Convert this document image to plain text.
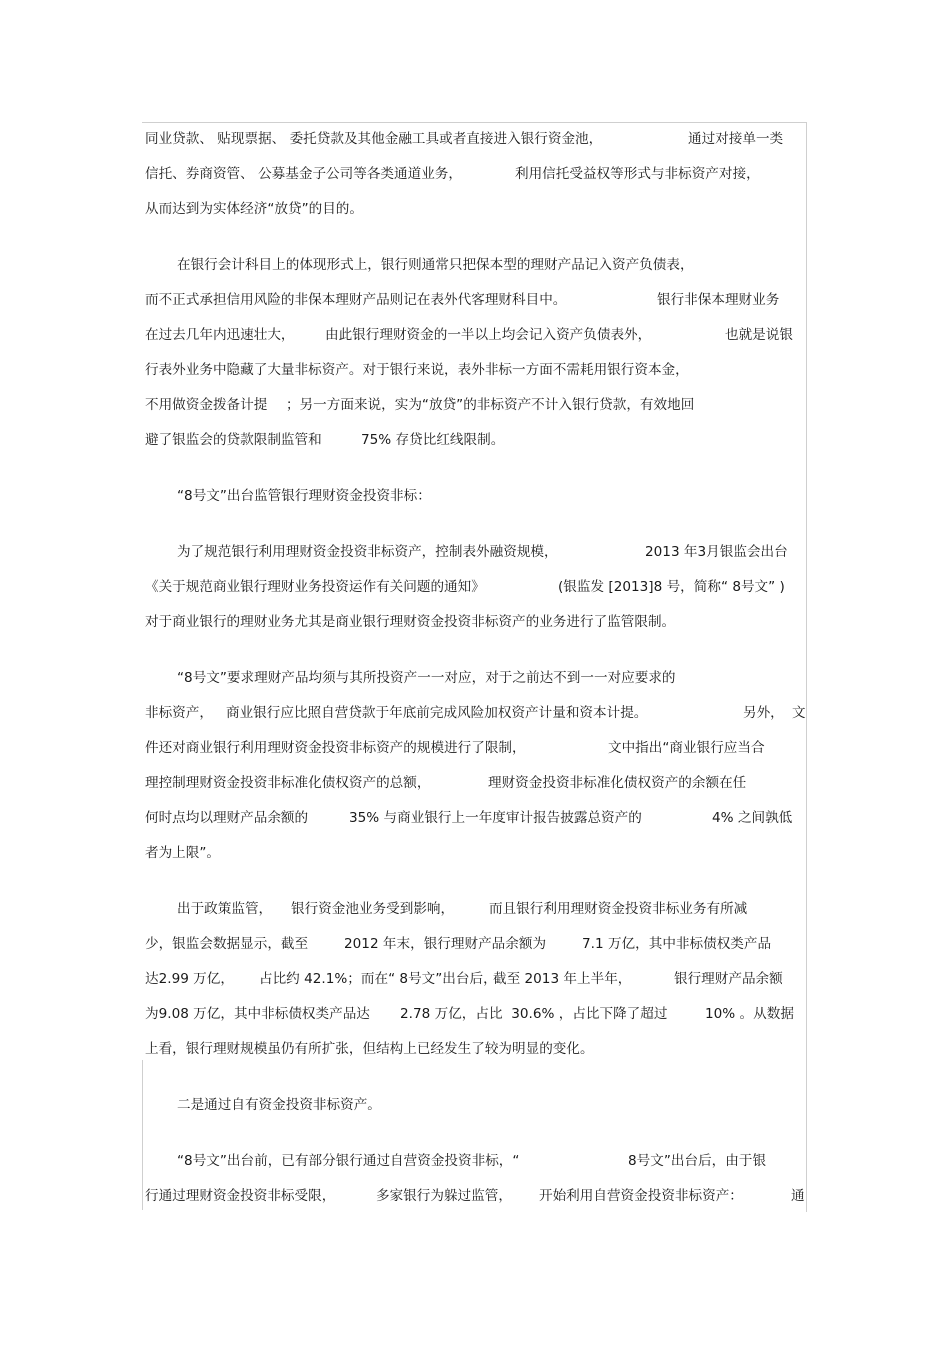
同业贷款、 贴现票据、 委托贷款及其他金融工具或者直接进入银行资金池，	通过对接单一类
信托、券商资管、 公募基金子公司等各类通道业务，	利用信托受益权等形式与非标资产对接，
从而达到为实体经济“放贷”的目的。
在银行会计科目上的体现形式上，银行则通常只把保本型的理财产品记入资产负债表，
而不正式承担信用风险的非保本理财产品则记在表外代客理财科目中。	银行非保本理财业务
在过去几年内迅速壮大， 由此银行理财资金的一半以上均会记入资产负债表外，	也就是说银
行表外业务中隐藏了大量非标资产。对于银行来说，表外非标一方面不需耗用银行资本金，
不用做资金拨备计提 ；另一方面来说，实为“放贷”的非标资产不计入银行贷款，有效地回
避了银监会的贷款限制监管和	75% 存贷比红线限制。
“8号文”出台监管银行理财资金投资非标：
为了规范银行利用理财资金投资非标资产，控制表外融资规模，	2013 年3月银监会出台
《关于规范商业银行理财业务投资运作有关问题的通知》	(银监发 [2013]8 号，简称“ 8号文” )
对于商业银行的理财业务尤其是商业银行理财资金投资非标资产的业务进行了监管限制。
“8号文”要求理财产品均须与其所投资产一一对应，对于之前达不到一一对应要求的
非标资产， 商业银行应比照自营贷款于年底前完成风险加权资产计量和资本计提。	另外， 文
件还对商业银行利用理财资金投资非标资产的规模进行了限制，	文中指出“商业银行应当合
理控制理财资金投资非标准化债权资产的总额，	理财资金投资非标准化债权资产的余额在任
何时点均以理财产品余额的	35% 与商业银行上一年度审计报告披露总资产的	4% 之间孰低
者为上限”。
出于政策监管， 银行资金池业务受到影响，	而且银行利用理财资金投资非标业务有所减
少，银监会数据显示，截至	2012 年末，银行理财产品余额为	7.1 万亿，其中非标债权类产品
达2.99 万亿， 占比约 42.1%；而在“ 8号文”出台后，
截至 2013 年上半年，	银行理财产品余额
为9.08 万亿，其中非标债权类产品达 2.78 万亿，占比  30.6% ，占比下降了超过	10% 。从数据
上看，银行理财规模虽仍有所扩张，但结构上已经发生了较为明显的变化。
二是通过自有资金投资非标资产。
“8号文”出台前，已有部分银行通过自营资金投资非标，“	8号文”出台后，由于银
行通过理财资金投资非标受限，	多家银行为躲过监管， 开始利用自营资金投资非标资产：	通
